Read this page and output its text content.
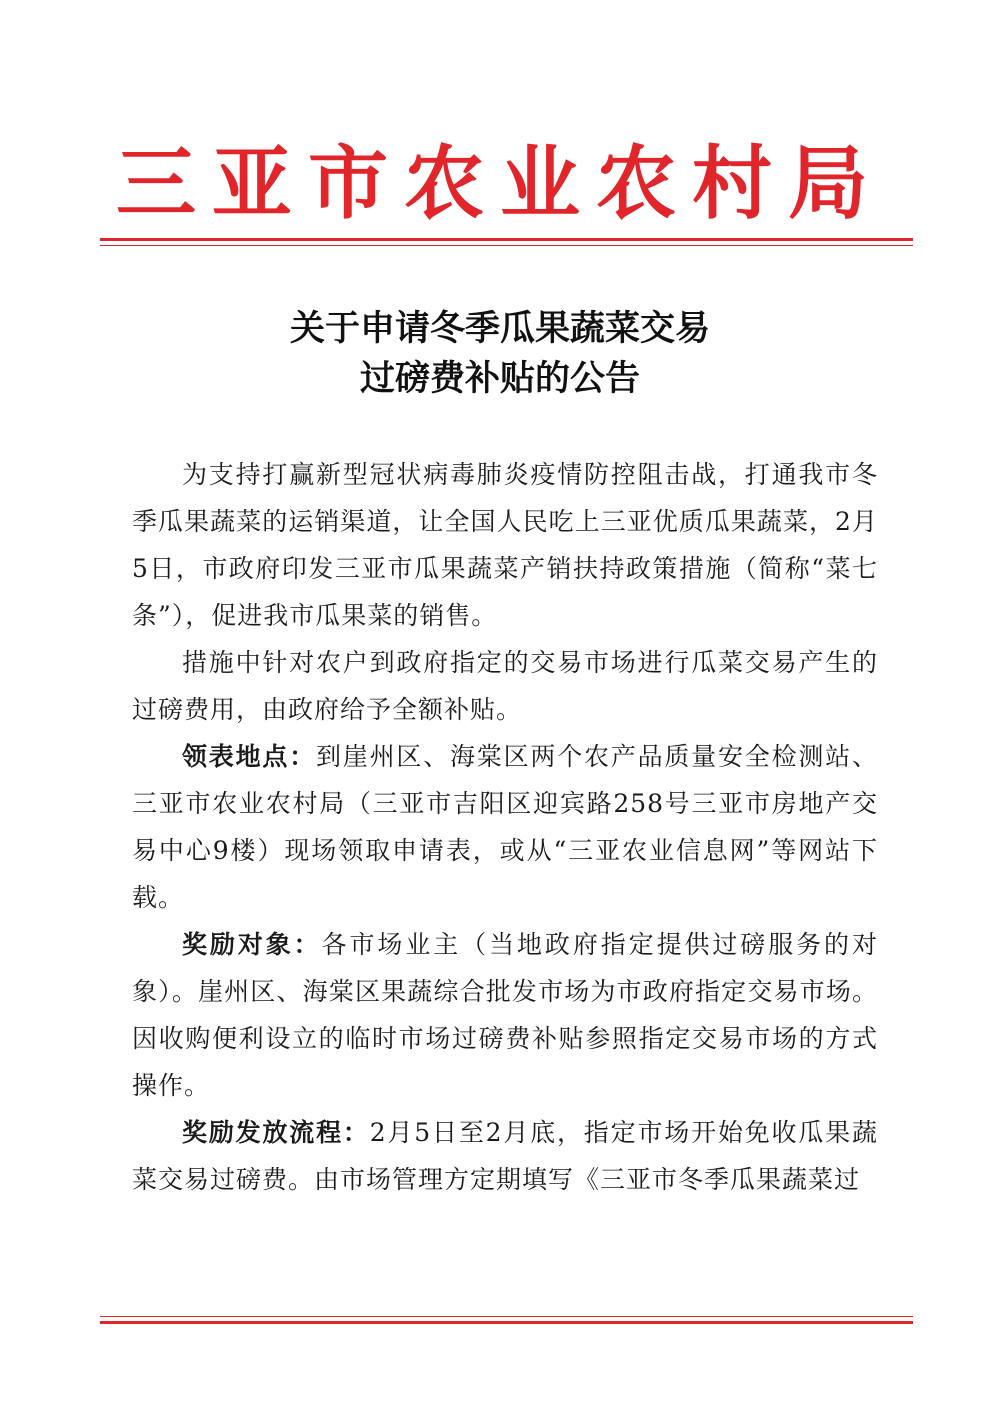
三亚市农业农村局
关于申请冬季瓜果蔬菜交易
过磅费补贴的公告

为支持打赢新型冠状病毒肺炎疫情防控阻击战，打通我市冬季瓜果蔬菜的运销渠道，让全国人民吃上三亚优质瓜果蔬菜，2月5日，市政府印发三亚市瓜果蔬菜产销扶持政策措施（简称“菜七条”），促进我市瓜果菜的销售。

措施中针对农户到政府指定的交易市场进行瓜菜交易产生的过磅费用，由政府给予全额补贴。

领表地点：到崖州区、海棠区两个农产品质量安全检测站、三亚市农业农村局（三亚市吉阳区迎宾路258号三亚市房地产交易中心9楼）现场领取申请表，或从“三亚农业信息网”等网站下载。

奖励对象：各市场业主（当地政府指定提供过磅服务的对象）。崖州区、海棠区果蔬综合批发市场为市政府指定交易市场。因收购便利设立的临时市场过磅费补贴参照指定交易市场的方式操作。

奖励发放流程：2月5日至2月底，指定市场开始免收瓜果蔬菜交易过磅费。由市场管理方定期填写《三亚市冬季瓜果蔬菜过
